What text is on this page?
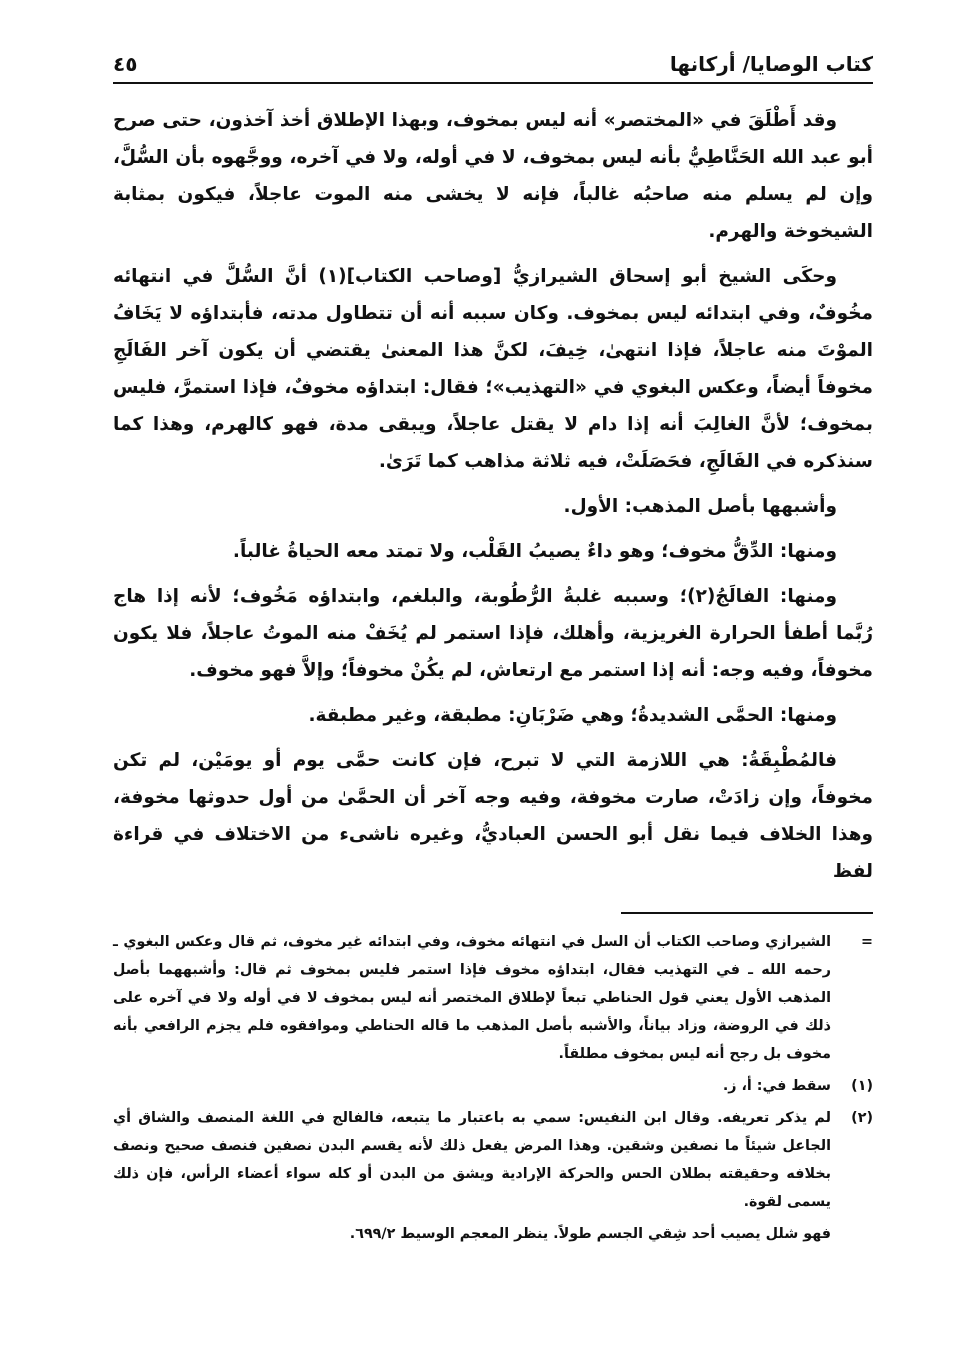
كتاب الوصايا/ أركانها
٤٥

وقد أَطْلَقَ في «المختصر» أنه ليس بمخوف، وبهذا الإطلاق أخذ آخذون، حتى صرح أبو عبد الله الحَنَّاطِيُّ بأنه ليس بمخوف، لا في أوله، ولا في آخره، ووجَّهوه بأن السُّلَّ، وإن لم يسلم منه صاحبُه غالباً، فإنه لا يخشى منه الموت عاجلاً، فيكون بمثابة الشيخوخة والهرم.

وحكَى الشيخ أبو إسحاق الشيرازيُّ [وصاحب الكتاب](١) أنَّ السُّلَّ في انتهائه مخُوفٌ، وفي ابتدائه ليس بمخوف. وكان سببه أنه أن تتطاول مدته، فأبتداؤه لا يَخَافُ الموْتَ منه عاجلاً، فإذا انتهىٰ، خِيفَ، لكنَّ هذا المعنىٰ يقتضي أن يكون آخر الفَالَجِ مخوفاً أيضاً، وعكس البغوي في «التهذيب»؛ فقال: ابتداؤه مخوفٌ، فإذا استمرَّ، فليس بمخوف؛ لأنَّ الغالِبَ أنه إذا دام لا يقتل عاجلاً، ويبقى مدة، فهو كالهرم، وهذا كما سنذكره في الفَالَجِ، فحَصَلَتْ، فيه ثلاثة مذاهب كما تَرَىٰ.

وأشبهها بأصل المذهب: الأول.

ومنها: الدِّقُّ مخوف؛ وهو داءٌ يصيبُ القَلْب، ولا تمتد معه الحياةُ غالباً.

ومنها: الفالَجُ(٢)؛ وسببه غلبةُ الرُّطُوبة، والبلغم، وابتداؤه مَخُوف؛ لأنه إذا هاج رُبَّما أطفأ الحرارة الغريزية، وأهلك، فإذا استمر لم يُخَفْ منه الموتُ عاجلاً، فلا يكون مخوفاً، وفيه وجه: أنه إذا استمر مع ارتعاش، لم يكُنْ مخوفاً؛ وإلاَّ فهو مخوف.

ومنها: الحمَّى الشديدةُ؛ وهي ضَرْبَانِ: مطبقة، وغير مطبقة.

فالمُطْبِقَةُ: هي اللازمة التي لا تبرح، فإن كانت حمَّى يوم أو يومَيْن، لم تكن مخوفاً، وإن زادَتْ، صارت مخوفة، وفيه وجه آخر أن الحمَّىٰ من أول حدوثها مخوفة، وهذا الخلاف فيما نقل أبو الحسن العباديُّ، وغيره ناشىء من الاختلاف في قراءة لفظ

=
الشيرازي وصاحب الكتاب أن السل في انتهائه مخوف، وفي ابتدائه غير مخوف، ثم قال وعكس البغوي ـ رحمه الله ـ في التهذيب فقال، ابتداؤه مخوف فإذا استمر فليس بمخوف ثم قال: وأشبههما بأصل المذهب الأول يعني قول الحناطي تبعاً لإطلاق المختصر أنه ليس بمخوف لا في أوله ولا في آخره على ذلك في الروضة، وزاد بياناً، والأشبه بأصل المذهب ما قاله الحناطي وموافقوه فلم يجزم الرافعي بأنه مخوف بل رجح أنه ليس بمخوف مطلقاً.
(١)
سقط في: أ، ز.
(٢)
لم يذكر تعريفه. وقال ابن النفيس: سمي به باعتبار ما يتبعه، فالفالج في اللغة المنصف والشاق أي الجاعل شيئاً ما نصفين وشقين. وهذا المرض يفعل ذلك لأنه يقسم البدن نصفين فنصف صحيح ونصف بخلافه وحقيقته بطلان الحس والحركة الإرادية ويشق من البدن أو كله سواء أعضاء الرأس، فإن ذلك يسمى لقوة.
فهو شلل يصيب أحد شِقي الجسم طولاً. ينظر المعجم الوسيط ٦٩٩/٢.
